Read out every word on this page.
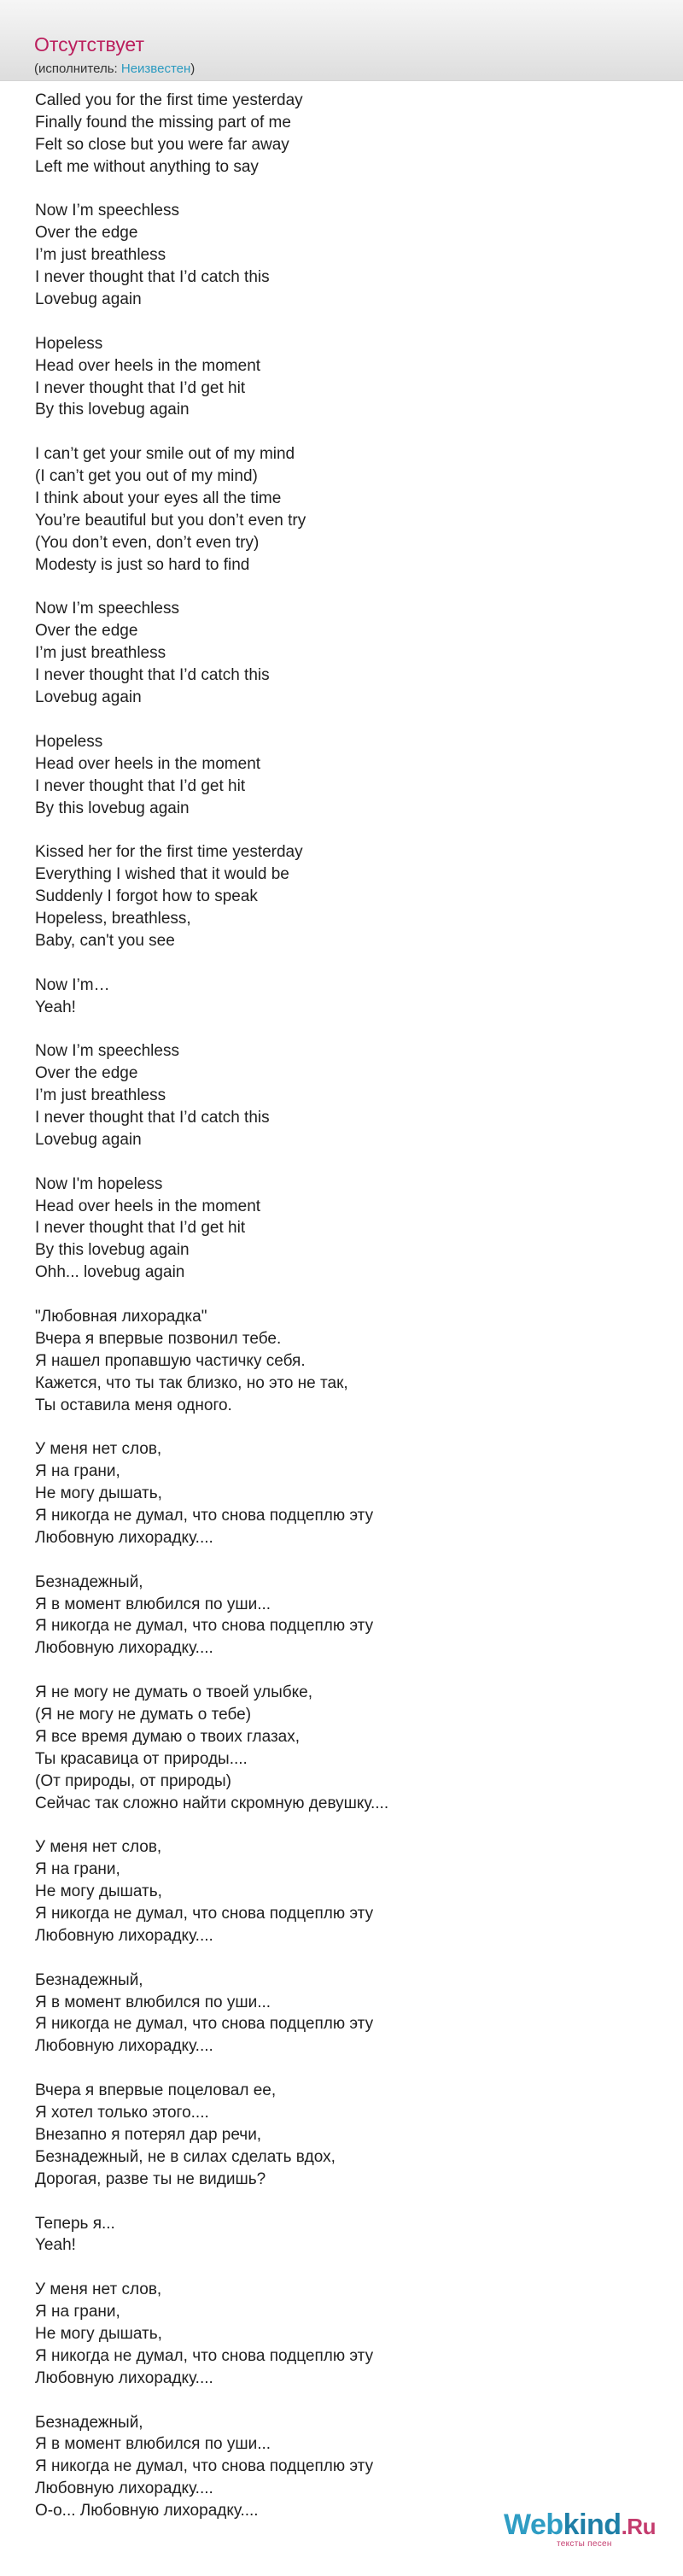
Отсутствует
(исполнитель: Неизвестен)
Called you for the first time yesterday
Finally found the missing part of me
Felt so close but you were far away
Left me without anything to say
Now I’m speechless
Over the edge
I’m just breathless
I never thought that I’d catch this
Lovebug again
Hopeless
Head over heels in the moment
I never thought that I’d get hit
By this lovebug again
I can’t get your smile out of my mind
(I can’t get you out of my mind)
I think about your eyes all the time
You’re beautiful but you don’t even try
(You don’t even, don’t even try)
Modesty is just so hard to find
Now I’m speechless
Over the edge
I’m just breathless
I never thought that I’d catch this
Lovebug again
Hopeless
Head over heels in the moment
I never thought that I’d get hit
By this lovebug again
Kissed her for the first time yesterday
Everything I wished that it would be
Suddenly I forgot how to speak
Hopeless, breathless,
Baby, can't you see
Now I’m…
Yeah!
Now I’m speechless
Over the edge
I’m just breathless
I never thought that I’d catch this
Lovebug again
Now I'm hopeless
Head over heels in the moment
I never thought that I’d get hit
By this lovebug again
Ohh... lovebug again
"Любовная лихорадка"
Вчера я впервые позвонил тебе.
Я нашел пропавшую частичку себя.
Кажется, что ты так близко, но это не так,
Ты оставила меня одного.
У меня нет слов,
Я на грани,
Не могу дышать,
Я никогда не думал, что снова подцеплю эту
Любовную лихорадку....
Безнадежный,
Я в момент влюбился по уши...
Я никогда не думал, что снова подцеплю эту
Любовную лихорадку....
Я не могу не думать о твоей улыбке,
(Я не могу не думать о тебе)
Я все время думаю о твоих глазах,
Ты красавица от природы....
(От природы, от природы)
Сейчас так сложно найти скромную девушку....
У меня нет слов,
Я на грани,
Не могу дышать,
Я никогда не думал, что снова подцеплю эту
Любовную лихорадку....
Безнадежный,
Я в момент влюбился по уши...
Я никогда не думал, что снова подцеплю эту
Любовную лихорадку....
Вчера я впервые поцеловал ее,
Я хотел только этого....
Внезапно я потерял дар речи,
Безнадежный, не в силах сделать вдох,
Дорогая, разве ты не видишь?
Теперь я...
Yeah!
У меня нет слов,
Я на грани,
Не могу дышать,
Я никогда не думал, что снова подцеплю эту
Любовную лихорадку....
Безнадежный,
Я в момент влюбился по уши...
Я никогда не думал, что снова подцеплю эту
Любовную лихорадку....
О-о... Любовную лихорадку....	Webkind.Ru
тексты песен
